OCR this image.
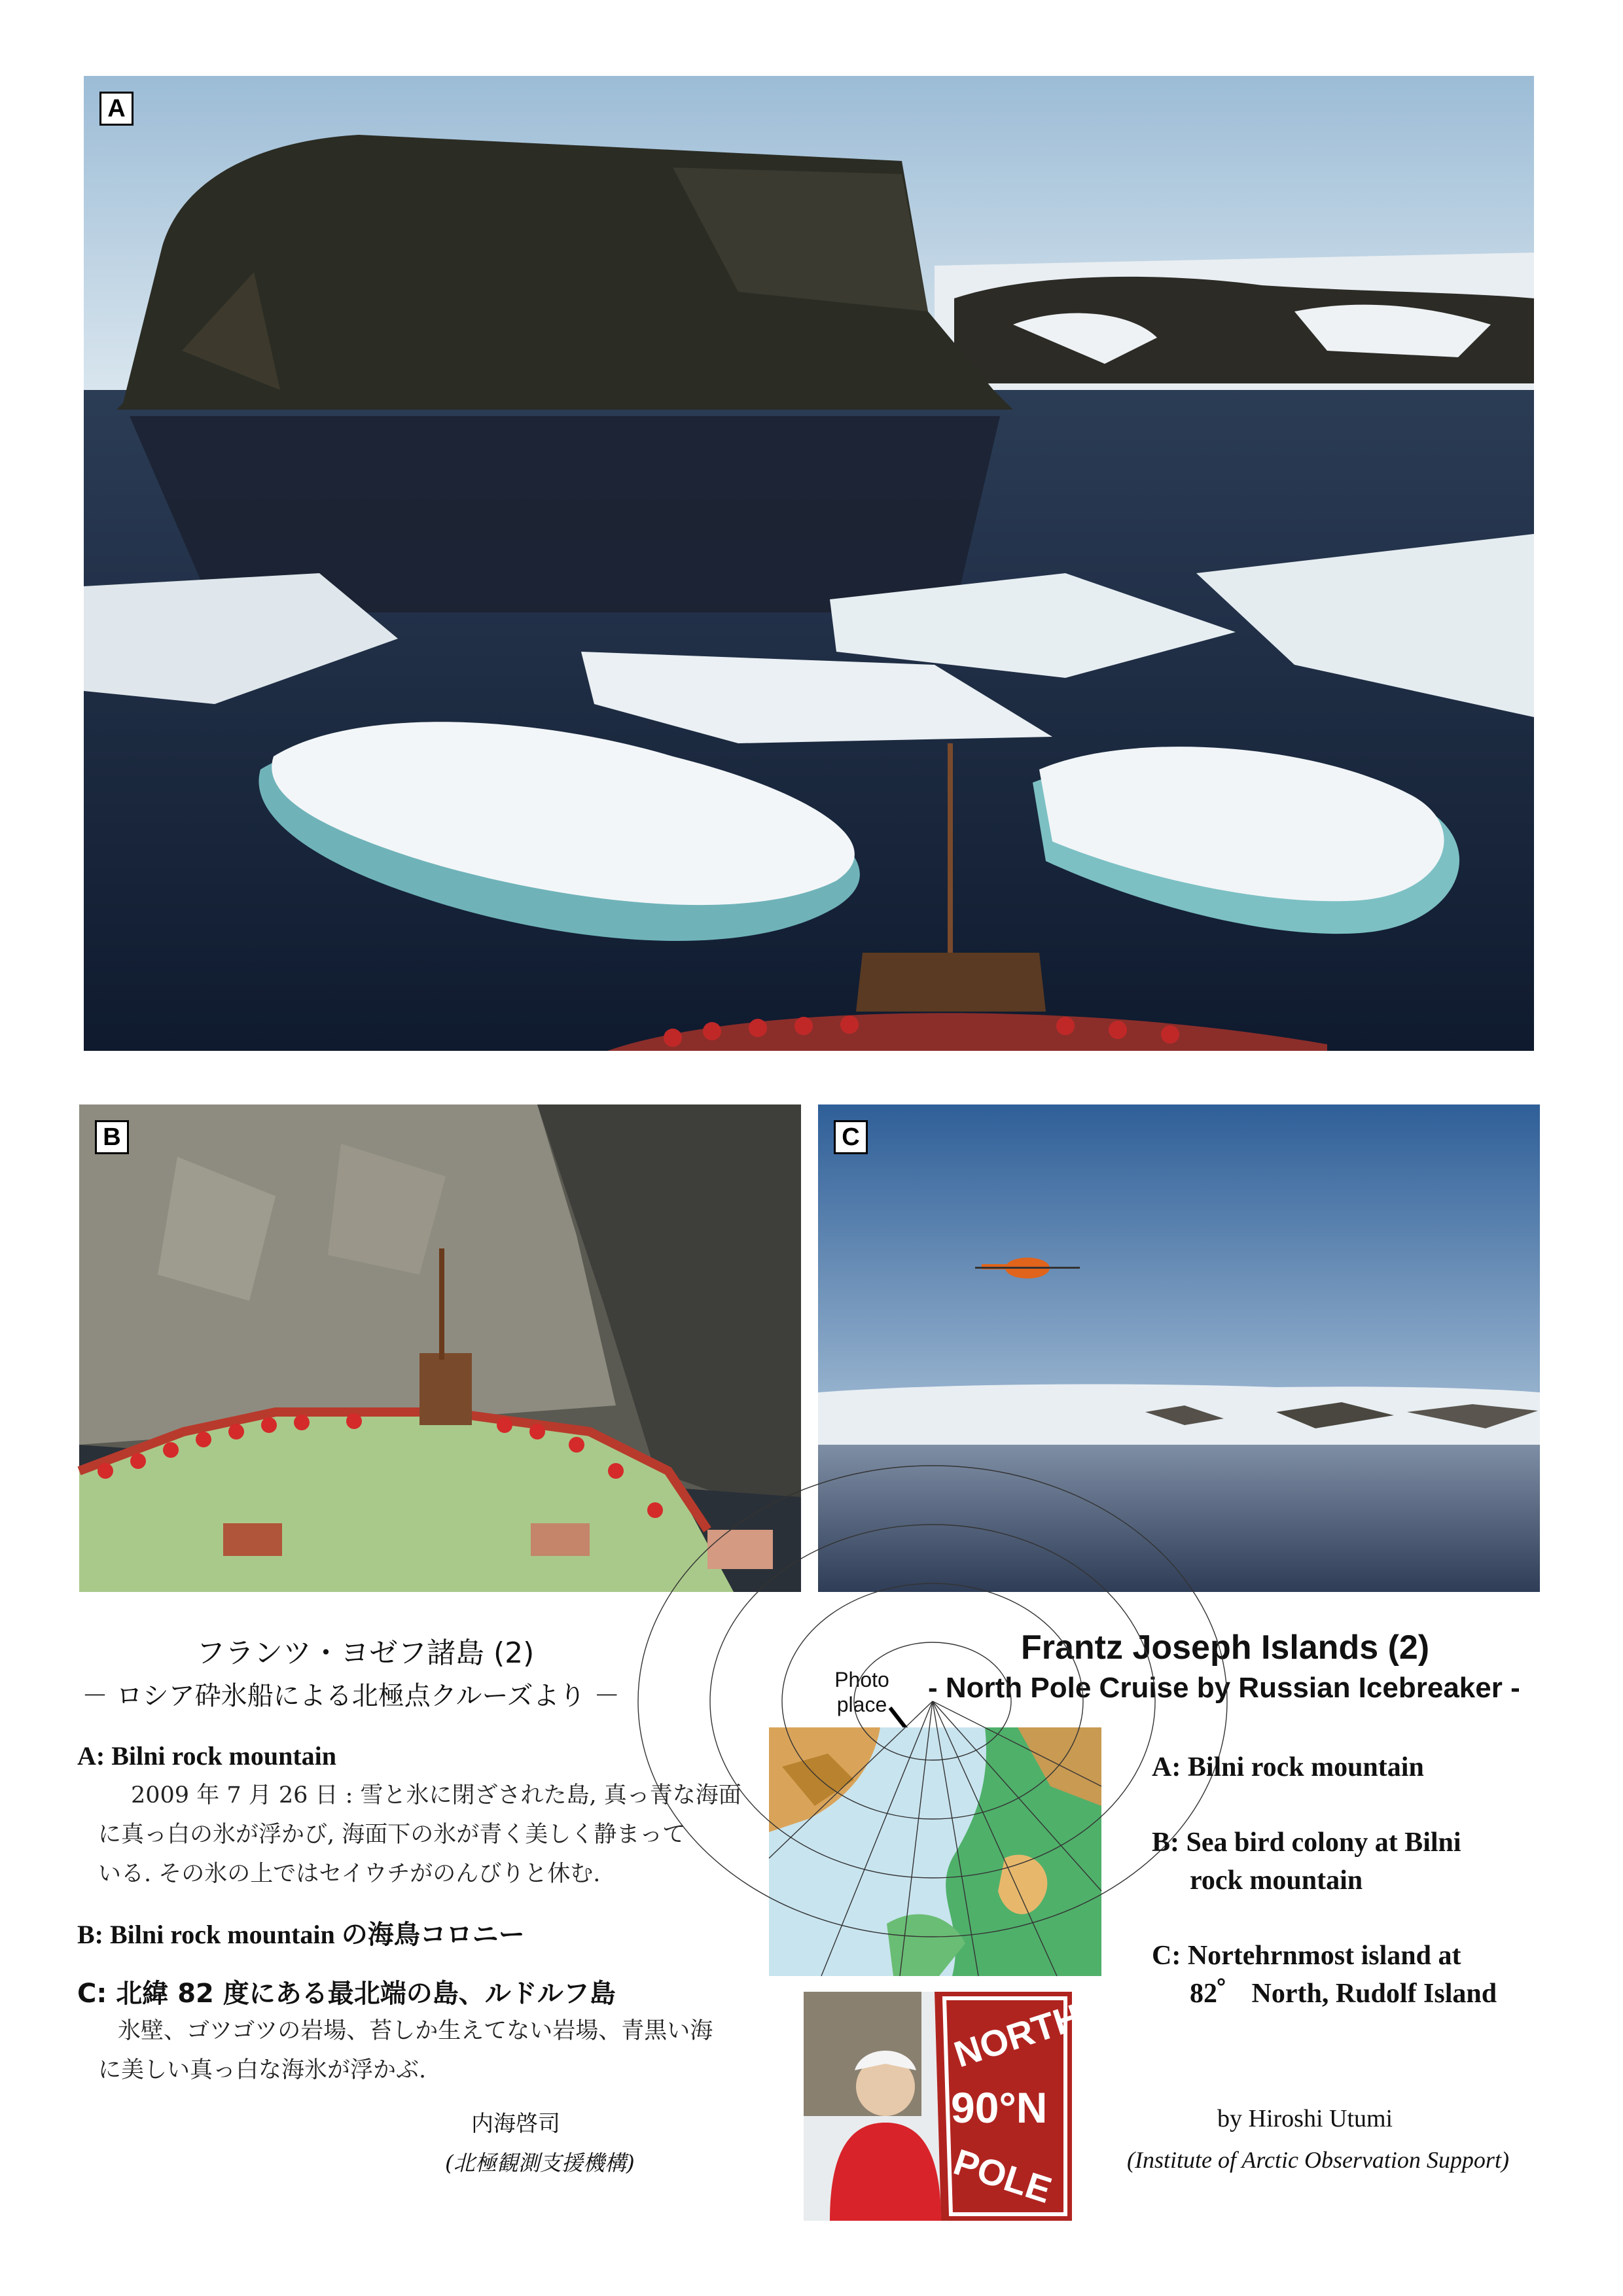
A
B	C
フランツ・ヨゼフ諸島 (2)
－ ロシア砕氷船による北極点クルーズより －
Frantz Joseph Islands (2)
- North Pole Cruise by Russian Icebreaker -
A: Bilni rock mountain
2009 年 7 月 26 日 : 雪と氷に閉ざされた島, 真っ青な海面
に真っ白の氷が浮かび, 海面下の氷が青く美しく静まって
いる. その氷の上ではセイウチがのんびりと休む.
B: Bilni rock mountain の海鳥コロニー
C: 北緯 82 度にある最北端の島、ルドルフ島
氷壁、ゴツゴツの岩場、苔しか生えてない岩場、青黒い海
に美しい真っ白な海氷が浮かぶ.
Photo
place
NORTH
90°N
POLE
A: Bilni rock mountain
B: Sea bird colony at Bilni
rock mountain
C: Nortehrnmost island at
82゜ North, Rudolf Island
内海啓司
(北極観測支援機構)
by Hiroshi Utumi
(Institute of Arctic Observation Support)
